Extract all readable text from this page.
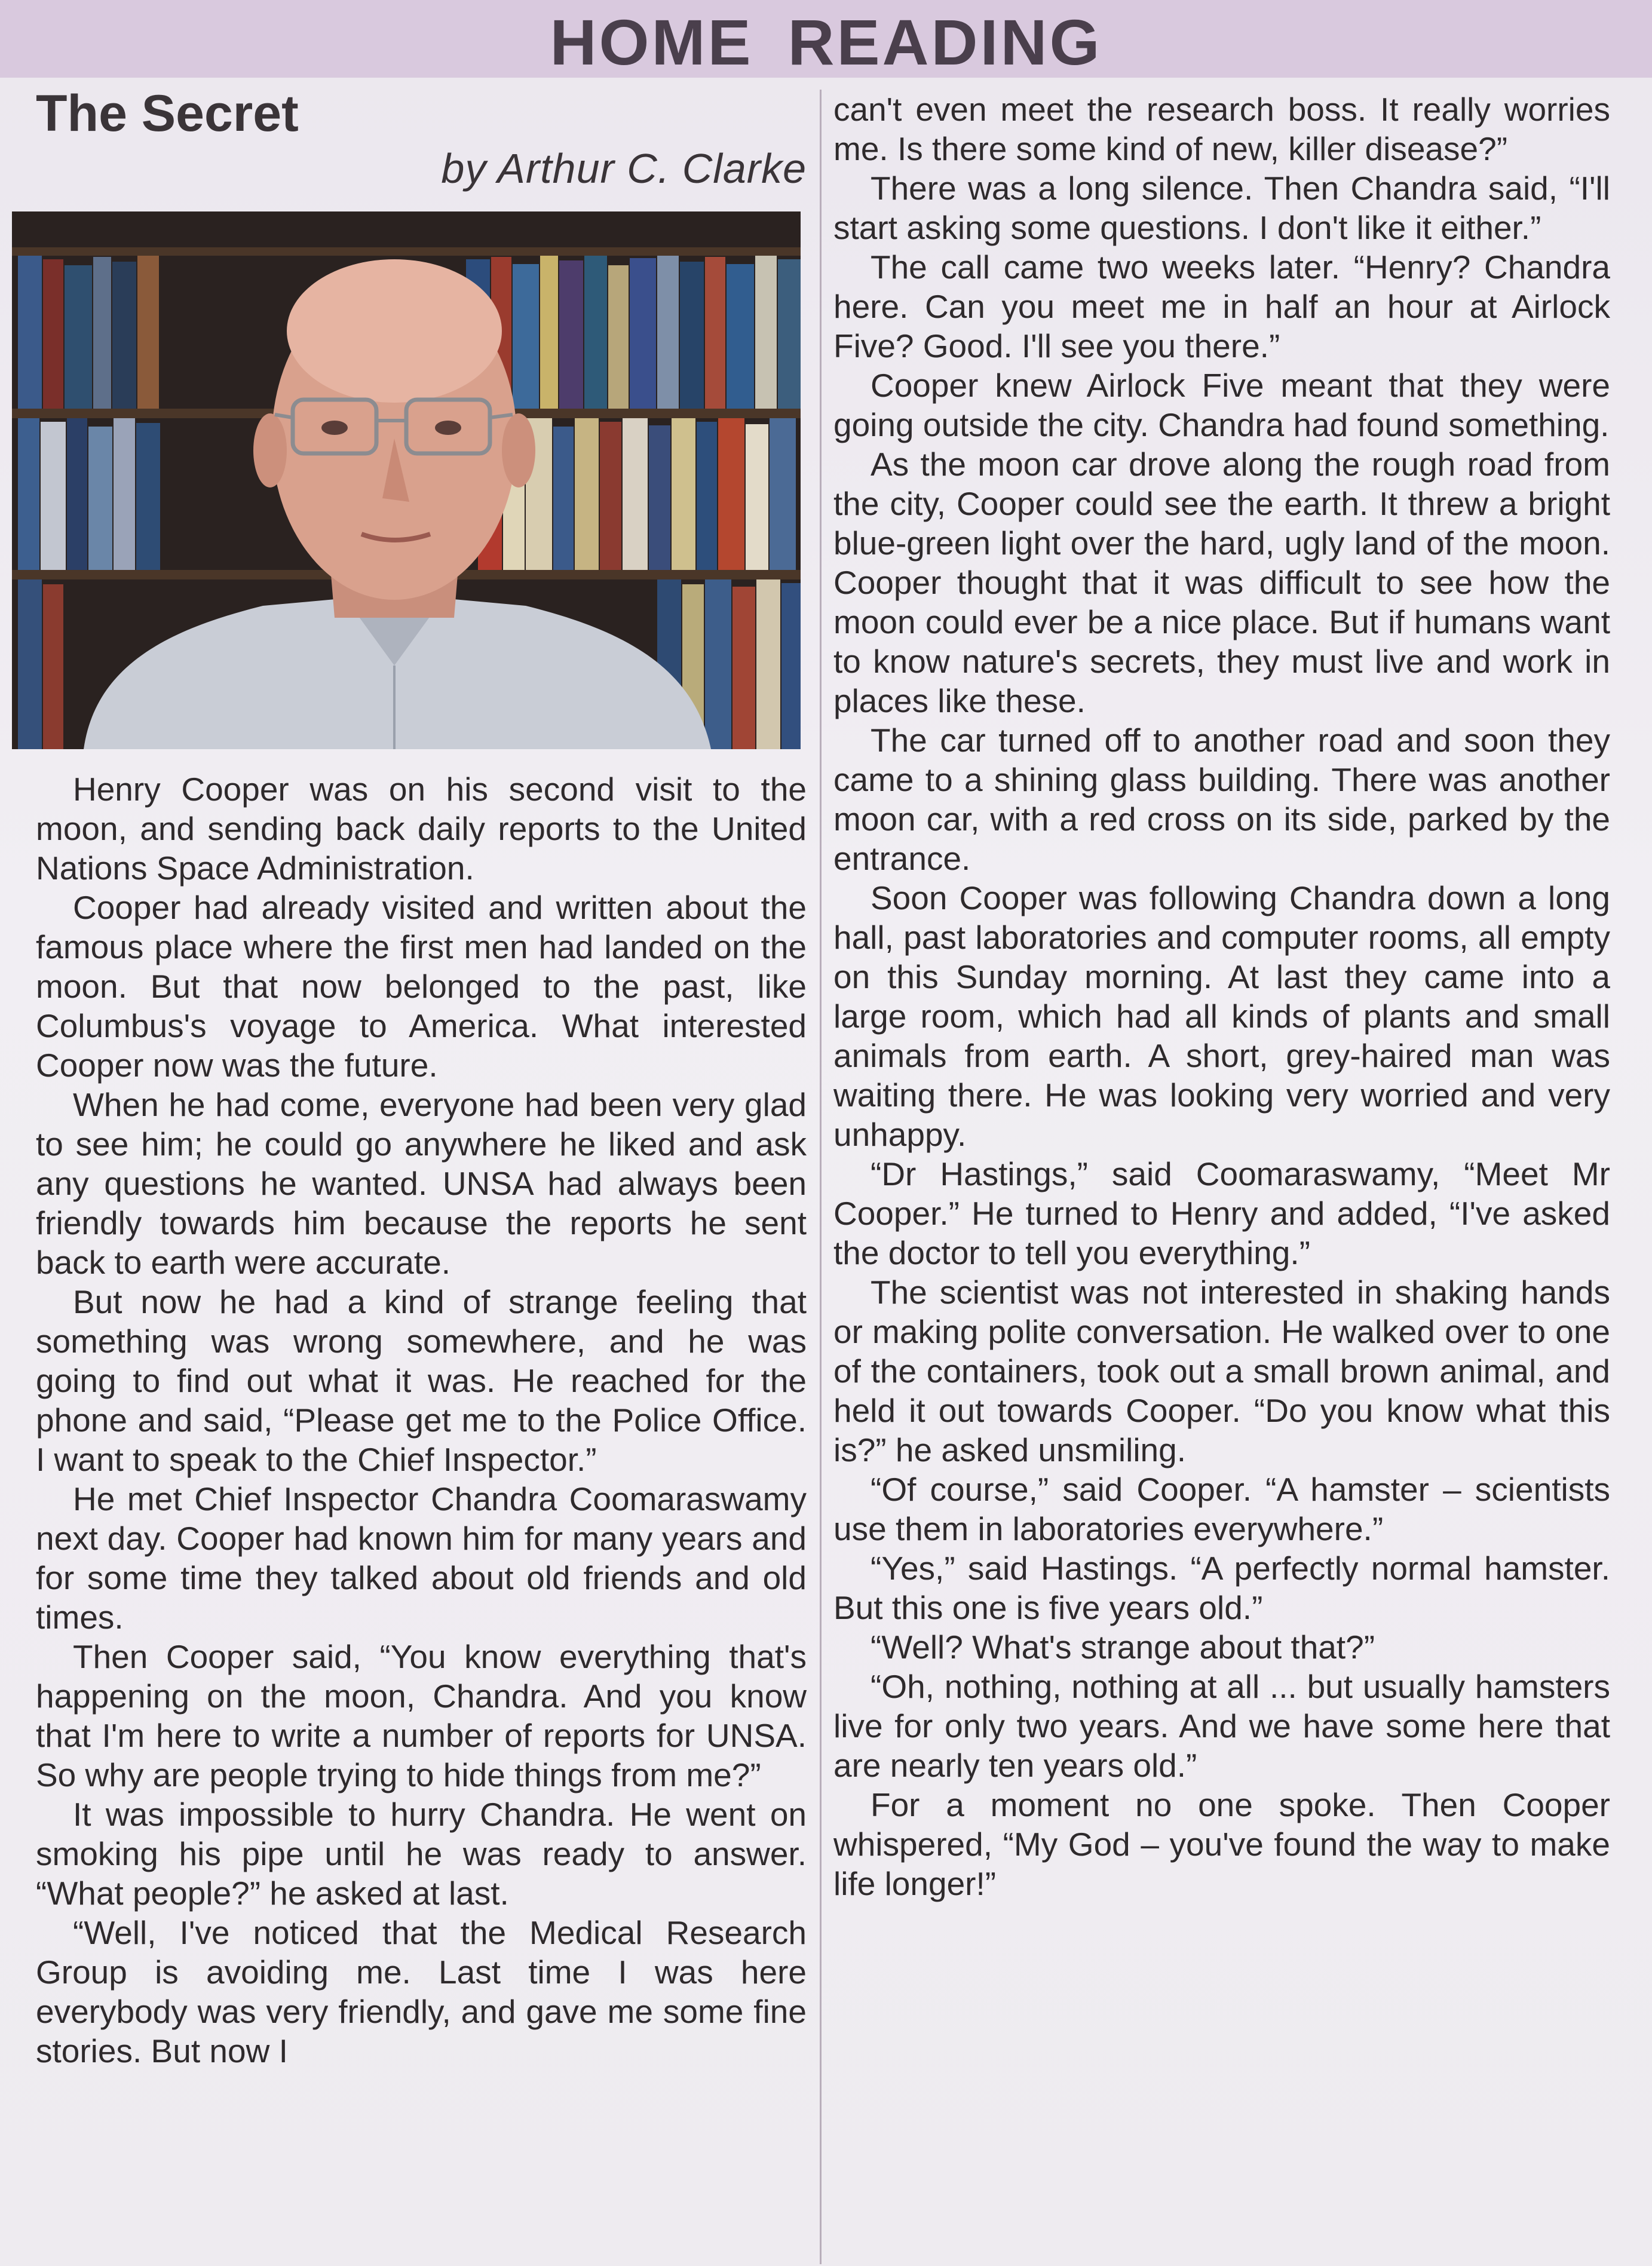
HOME READING
The Secret
by Arthur C. Clarke

Henry Cooper was on his second visit to the moon, and sending back daily reports to the United Nations Space Administration.

Cooper had already visited and written about the famous place where the first men had landed on the moon. But that now belonged to the past, like Columbus's voyage to America. What interested Cooper now was the future.

When he had come, everyone had been very glad to see him; he could go anywhere he liked and ask any questions he wanted. UNSA had always been friendly towards him because the reports he sent back to earth were accurate.

But now he had a kind of strange feeling that something was wrong somewhere, and he was going to find out what it was. He reached for the phone and said, “Please get me to the Police Office. I want to speak to the Chief Inspector.”

He met Chief Inspector Chandra Coomaraswamy next day. Cooper had known him for many years and for some time they talked about old friends and old times.

Then Cooper said, “You know everything that's happening on the moon, Chandra. And you know that I'm here to write a number of reports for UNSA. So why are people trying to hide things from me?”

It was impossible to hurry Chandra. He went on smoking his pipe until he was ready to answer. “What people?” he asked at last.

“Well, I've noticed that the Medical Research Group is avoiding me. Last time I was here everybody was very friendly, and gave me some fine stories. But now I

can't even meet the research boss. It really worries me. Is there some kind of new, killer disease?”

There was a long silence. Then Chandra said, “I'll start asking some questions. I don't like it either.”

The call came two weeks later. “Henry? Chandra here. Can you meet me in half an hour at Airlock Five? Good. I'll see you there.”

Cooper knew Airlock Five meant that they were going outside the city. Chandra had found something.

As the moon car drove along the rough road from the city, Cooper could see the earth. It threw a bright blue-green light over the hard, ugly land of the moon. Cooper thought that it was difficult to see how the moon could ever be a nice place. But if humans want to know nature's secrets, they must live and work in places like these.

The car turned off to another road and soon they came to a shining glass building. There was another moon car, with a red cross on its side, parked by the entrance.

Soon Cooper was following Chandra down a long hall, past laboratories and computer rooms, all empty on this Sunday morning. At last they came into a large room, which had all kinds of plants and small animals from earth. A short, grey-haired man was waiting there. He was looking very worried and very unhappy.

“Dr Hastings,” said Coomaraswamy, “Meet Mr Cooper.” He turned to Henry and added, “I've asked the doctor to tell you everything.”

The scientist was not interested in shaking hands or making polite conversation. He walked over to one of the containers, took out a small brown animal, and held it out towards Cooper. “Do you know what this is?” he asked unsmiling.

“Of course,” said Cooper. “A hamster – scientists use them in laboratories everywhere.”

“Yes,” said Hastings. “A perfectly normal hamster. But this one is five years old.”

“Well? What's strange about that?”

“Oh, nothing, nothing at all ... but usually hamsters live for only two years. And we have some here that are nearly ten years old.”

For a moment no one spoke. Then Cooper whispered, “My God – you've found the way to make life longer!”
